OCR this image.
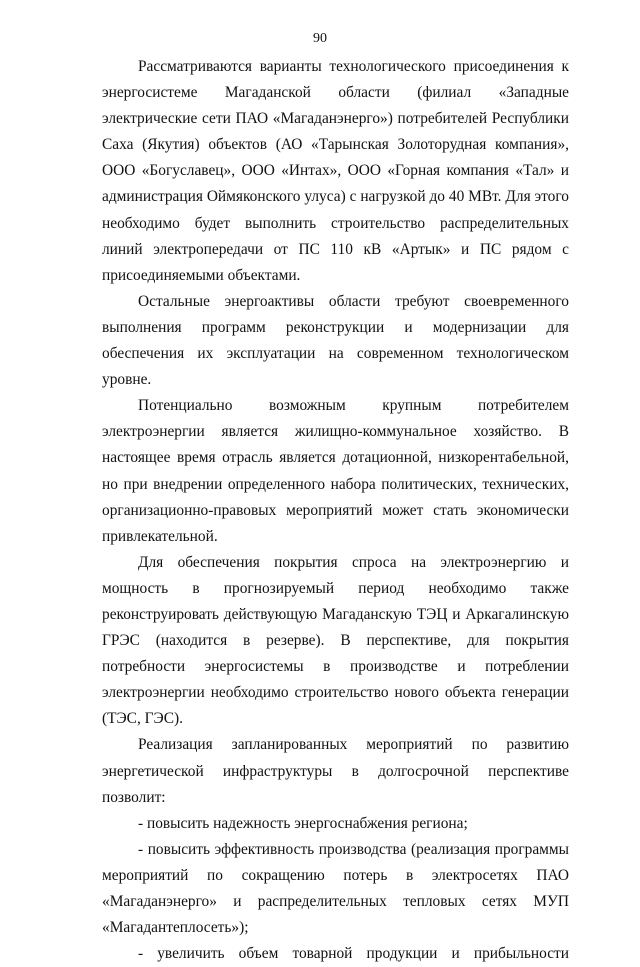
90

Рассматриваются варианты технологического присоединения к энергосистеме Магаданской области (филиал «Западные электрические сети ПАО «Магаданэнерго») потребителей Республики Саха (Якутия) объектов (АО «Тарынская Золоторудная компания», ООО «Богуславец», ООО «Интах», ООО «Горная компания «Тал» и администрация Оймяконского улуса) с нагрузкой до 40 МВт. Для этого необходимо будет выполнить строительство распределительных линий электропередачи от ПС 110 кВ «Артык» и ПС рядом с присоединяемыми объектами.

Остальные энергоактивы области требуют своевременного выполнения программ реконструкции и модернизации для обеспечения их эксплуатации на современном технологическом уровне.

Потенциально возможным крупным потребителем электроэнергии является жилищно-коммунальное хозяйство. В настоящее время отрасль является дотационной, низкорентабельной, но при внедрении определенного набора политических, технических, организационно-правовых мероприятий может стать экономически привлекательной.

Для обеспечения покрытия спроса на электроэнергию и мощность в прогнозируемый период необходимо также реконструировать действующую Магаданскую ТЭЦ и Аркагалинскую ГРЭС (находится в резерве). В перспективе, для покрытия потребности энергосистемы в производстве и потреблении электроэнергии необходимо строительство нового объекта генерации (ТЭС, ГЭС).

Реализация запланированных мероприятий по развитию энергетической инфраструктуры в долгосрочной перспективе позволит:

- повысить надежность энергоснабжения региона;

- повысить эффективность производства (реализация программы мероприятий по сокращению потерь в электросетях ПАО «Магаданэнерго» и распределительных тепловых сетях МУП «Магадантеплосеть»);

- увеличить объем товарной продукции и прибыльности
